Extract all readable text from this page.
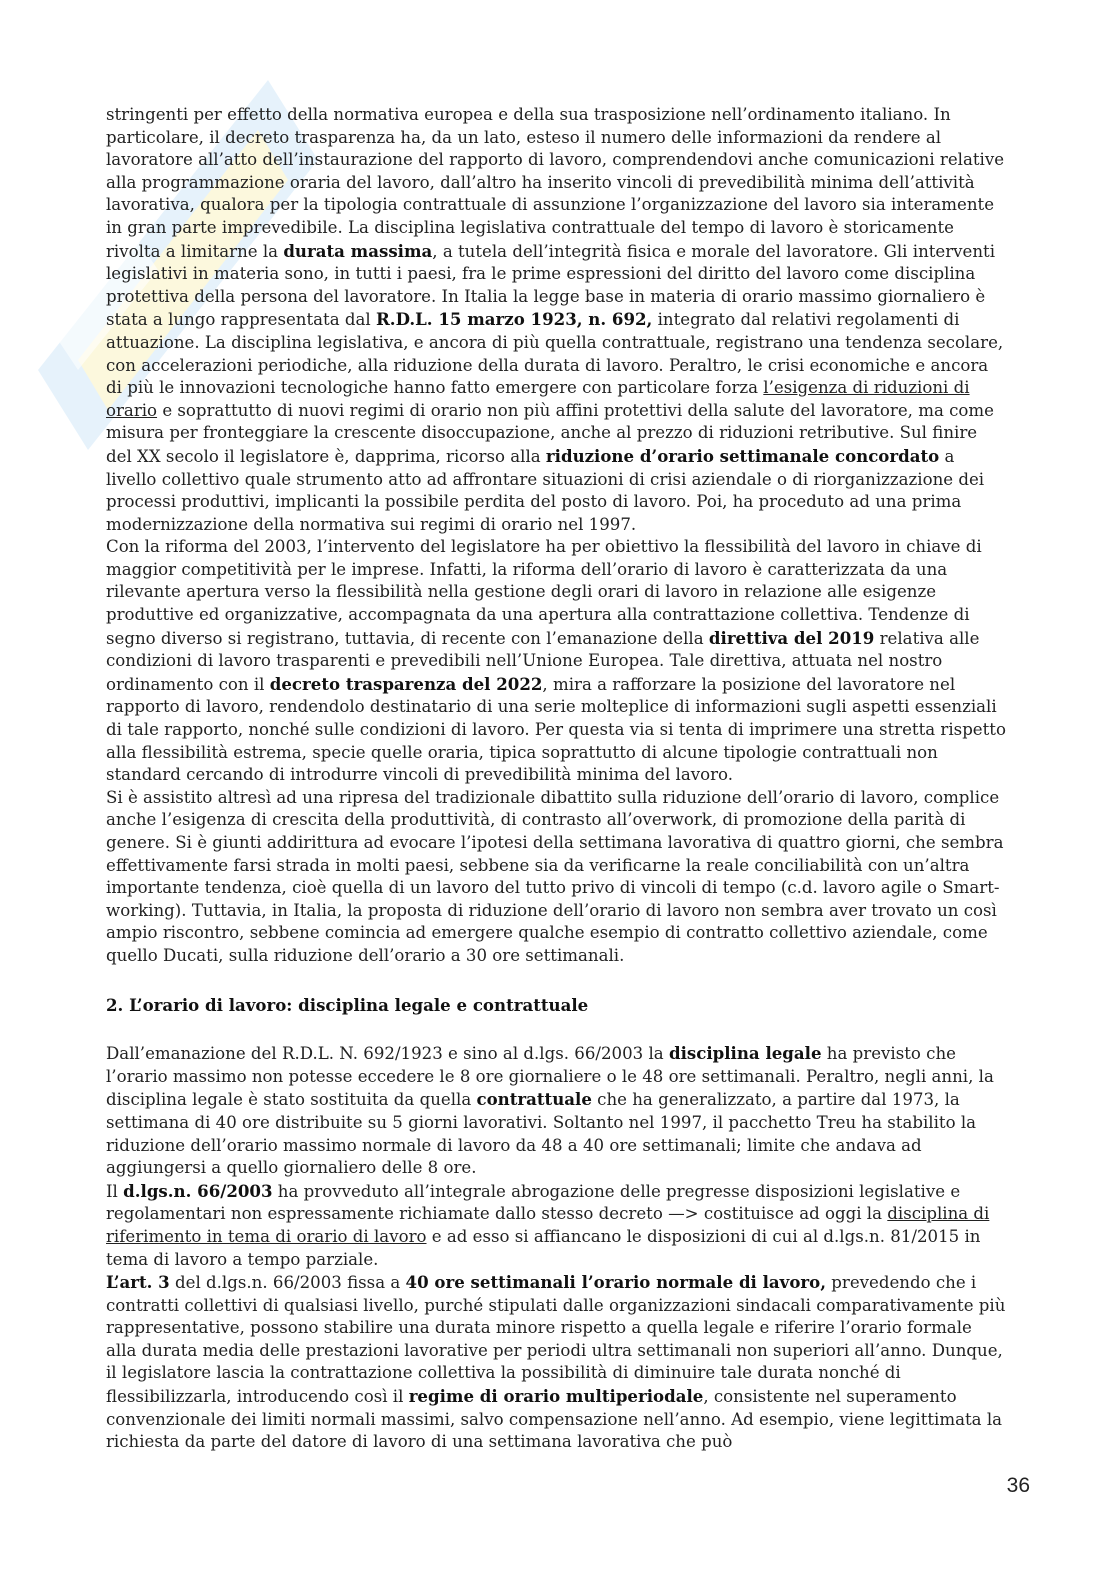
stringenti per effetto della normativa europea e della sua trasposizione nell’ordinamento italiano. In particolare, il decreto trasparenza ha, da un lato, esteso il numero delle informazioni da rendere al lavoratore all’atto dell’instaurazione del rapporto di lavoro, comprendendovi anche comunicazioni relative alla programmazione oraria del lavoro, dall’altro ha inserito vincoli di prevedibilità minima dell’attività lavorativa, qualora per la tipologia contrattuale di assunzione l’organizzazione del lavoro sia interamente in gran parte imprevedibile. La disciplina legislativa contrattuale del tempo di lavoro è storicamente rivolta a limitarne la durata massima, a tutela dell’integrità fisica e morale del lavoratore. Gli interventi legislativi in materia sono, in tutti i paesi, fra le prime espressioni del diritto del lavoro come disciplina protettiva della persona del lavoratore. In Italia la legge base in materia di orario massimo giornaliero è stata a lungo rappresentata dal R.D.L. 15 marzo 1923, n. 692, integrato dal relativi regolamenti di attuazione. La disciplina legislativa, e ancora di più quella contrattuale, registrano una tendenza secolare, con accelerazioni periodiche, alla riduzione della durata di lavoro. Peraltro, le crisi economiche e ancora di più le innovazioni tecnologiche hanno fatto emergere con particolare forza l’esigenza di riduzioni di orario e soprattutto di nuovi regimi di orario non più affini protettivi della salute del lavoratore, ma come misura per fronteggiare la crescente disoccupazione, anche al prezzo di riduzioni retributive. Sul finire del XX secolo il legislatore è, dapprima, ricorso alla riduzione d’orario settimanale concordato a livello collettivo quale strumento atto ad affrontare situazioni di crisi aziendale o di riorganizzazione dei processi produttivi, implicanti la possibile perdita del posto di lavoro. Poi, ha proceduto ad una prima modernizzazione della normativa sui regimi di orario nel 1997.

Con la riforma del 2003, l’intervento del legislatore ha per obiettivo la flessibilità del lavoro in chiave di maggior competitività per le imprese. Infatti, la riforma dell’orario di lavoro è caratterizzata da una rilevante apertura verso la flessibilità nella gestione degli orari di lavoro in relazione alle esigenze produttive ed organizzative, accompagnata da una apertura alla contrattazione collettiva. Tendenze di segno diverso si registrano, tuttavia, di recente con l’emanazione della direttiva del 2019 relativa alle condizioni di lavoro trasparenti e prevedibili nell’Unione Europea. Tale direttiva, attuata nel nostro ordinamento con il decreto trasparenza del 2022, mira a rafforzare la posizione del lavoratore nel rapporto di lavoro, rendendolo destinatario di una serie molteplice di informazioni sugli aspetti essenziali di tale rapporto, nonché sulle condizioni di lavoro. Per questa via si tenta di imprimere una stretta rispetto alla flessibilità estrema, specie quelle oraria, tipica soprattutto di alcune tipologie contrattuali non standard cercando di introdurre vincoli di prevedibilità minima del lavoro.

Si è assistito altresì ad una ripresa del tradizionale dibattito sulla riduzione dell’orario di lavoro, complice anche l’esigenza di crescita della produttività, di contrasto all’overwork, di promozione della parità di genere. Si è giunti addirittura ad evocare l’ipotesi della settimana lavorativa di quattro giorni, che sembra effettivamente farsi strada in molti paesi, sebbene sia da verificarne la reale conciliabilità con un’altra importante tendenza, cioè quella di un lavoro del tutto privo di vincoli di tempo (c.d. lavoro agile o Smart-working). Tuttavia, in Italia, la proposta di riduzione dell’orario di lavoro non sembra aver trovato un così ampio riscontro, sebbene comincia ad emergere qualche esempio di contratto collettivo aziendale, come quello Ducati, sulla riduzione dell’orario a 30 ore settimanali.

2. L’orario di lavoro: disciplina legale e contrattuale

Dall’emanazione del R.D.L. N. 692/1923 e sino al d.lgs. 66/2003 la disciplina legale ha previsto che l’orario massimo non potesse eccedere le 8 ore giornaliere o le 48 ore settimanali. Peraltro, negli anni, la disciplina legale è stato sostituita da quella contrattuale che ha generalizzato, a partire dal 1973, la settimana di 40 ore distribuite su 5 giorni lavorativi. Soltanto nel 1997, il pacchetto Treu ha stabilito la riduzione dell’orario massimo normale di lavoro da 48 a 40 ore settimanali; limite che andava ad aggiungersi a quello giornaliero delle 8 ore.

Il d.lgs.n. 66/2003 ha provveduto all’integrale abrogazione delle pregresse disposizioni legislative e regolamentari non espressamente richiamate dallo stesso decreto —> costituisce ad oggi la disciplina di riferimento in tema di orario di lavoro e ad esso si affiancano le disposizioni di cui al d.lgs.n. 81/2015 in tema di lavoro a tempo parziale.

L’art. 3 del d.lgs.n. 66/2003 fissa a 40 ore settimanali l’orario normale di lavoro, prevedendo che i contratti collettivi di qualsiasi livello, purché stipulati dalle organizzazioni sindacali comparativamente più rappresentative, possono stabilire una durata minore rispetto a quella legale e riferire l’orario formale alla durata media delle prestazioni lavorative per periodi ultra settimanali non superiori all’anno. Dunque, il legislatore lascia la contrattazione collettiva la possibilità di diminuire tale durata nonché di flessibilizzarla, introducendo così il regime di orario multiperiodale, consistente nel superamento convenzionale dei limiti normali massimi, salvo compensazione nell’anno. Ad esempio, viene legittimata la richiesta da parte del datore di lavoro di una settimana lavorativa che può

36
